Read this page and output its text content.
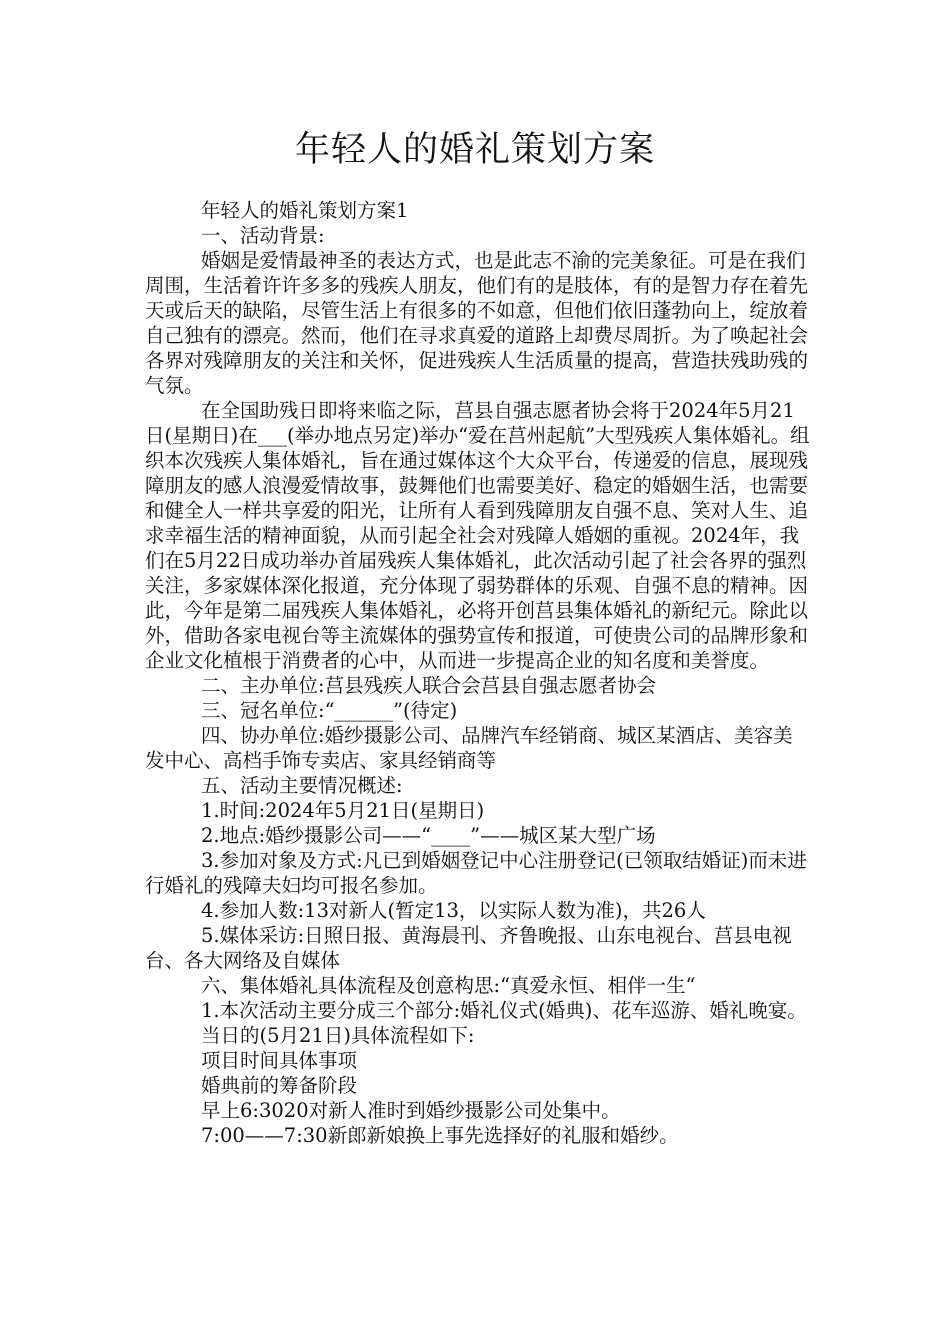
年轻人的婚礼策划方案

年轻人的婚礼策划方案1

一、活动背景:

婚姻是爱情最神圣的表达方式，也是此志不渝的完美象征。可是在我们周围，生活着许许多多的残疾人朋友，他们有的是肢体，有的是智力存在着先天或后天的缺陷，尽管生活上有很多的不如意，但他们依旧蓬勃向上，绽放着自己独有的漂亮。然而，他们在寻求真爱的道路上却费尽周折。为了唤起社会各界对残障朋友的关注和关怀，促进残疾人生活质量的提高，营造扶残助残的气氛。

在全国助残日即将来临之际，莒县自强志愿者协会将于2024年5月21日(星期日)在___(举办地点另定)举办“爱在莒州起航”大型残疾人集体婚礼。组织本次残疾人集体婚礼，旨在通过媒体这个大众平台，传递爱的信息，展现残障朋友的感人浪漫爱情故事，鼓舞他们也需要美好、稳定的婚姻生活，也需要和健全人一样共享爱的阳光，让所有人看到残障朋友自强不息、笑对人生、追求幸福生活的精神面貌，从而引起全社会对残障人婚姻的重视。2024年，我们在5月22日成功举办首届残疾人集体婚礼，此次活动引起了社会各界的强烈关注，多家媒体深化报道，充分体现了弱势群体的乐观、自强不息的精神。因此，今年是第二届残疾人集体婚礼，必将开创莒县集体婚礼的新纪元。除此以外，借助各家电视台等主流媒体的强势宣传和报道，可使贵公司的品牌形象和企业文化植根于消费者的心中，从而进一步提高企业的知名度和美誉度。

二、主办单位:莒县残疾人联合会莒县自强志愿者协会

三、冠名单位:“______”(待定)

四、协办单位:婚纱摄影公司、品牌汽车经销商、城区某酒店、美容美发中心、高档手饰专卖店、家具经销商等

五、活动主要情况概述:

1.时间:2024年5月21日(星期日)

2.地点:婚纱摄影公司——“____”——城区某大型广场

3.参加对象及方式:凡已到婚姻登记中心注册登记(已领取结婚证)而未进行婚礼的残障夫妇均可报名参加。

4.参加人数:13对新人(暂定13，以实际人数为准)，共26人

5.媒体采访:日照日报、黄海晨刊、齐鲁晚报、山东电视台、莒县电视台、各大网络及自媒体

六、集体婚礼具体流程及创意构思:“真爱永恒、相伴一生“

1.本次活动主要分成三个部分:婚礼仪式(婚典)、花车巡游、婚礼晚宴。

当日的(5月21日)具体流程如下:

项目时间具体事项

婚典前的筹备阶段

早上6:3020对新人准时到婚纱摄影公司处集中。

7:00——7:30新郎新娘换上事先选择好的礼服和婚纱。
